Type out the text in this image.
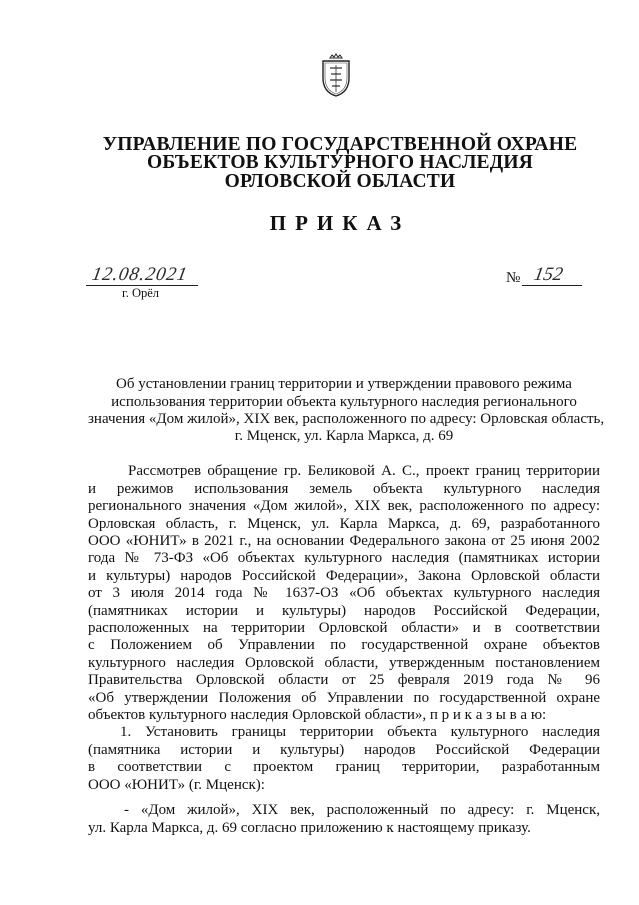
УПРАВЛЕНИЕ ПО ГОСУДАРСТВЕННОЙ ОХРАНЕ
ОБЪЕКТОВ КУЛЬТУРНОГО НАСЛЕДИЯ
ОРЛОВСКОЙ ОБЛАСТИ
ПРИКАЗ
12.08.2021
г. Орёл
№ 152
Об установлении границ территории и утверждении правового режима
использования территории объекта культурного наследия регионального
значения «Дом жилой», XIX век, расположенного по адресу: Орловская область,
г. Мценск, ул. Карла Маркса, д. 69
Рассмотрев обращение гр. Беликовой А. С., проект границ территории
и режимов использования земель объекта культурного наследия
регионального значения «Дом жилой», XIX век, расположенного по адресу:
Орловская область, г. Мценск, ул. Карла Маркса, д. 69, разработанного
ООО «ЮНИТ» в 2021 г., на основании Федерального закона от 25 июня 2002
года № 73-ФЗ «Об объектах культурного наследия (памятниках истории
и культуры) народов Российской Федерации», Закона Орловской области
от 3 июля 2014 года № 1637-ОЗ «Об объектах культурного наследия
(памятниках истории и культуры) народов Российской Федерации,
расположенных на территории Орловской области» и в соответствии
с Положением об Управлении по государственной охране объектов
культурного наследия Орловской области, утвержденным постановлением
Правительства Орловской области от 25 февраля 2019 года № 96
«Об утверждении Положения об Управлении по государственной охране
объектов культурного наследия Орловской области», п р и к а з ы в а ю:
1. Установить границы территории объекта культурного наследия
(памятника истории и культуры) народов Российской Федерации
в соответствии с проектом границ территории, разработанным
ООО «ЮНИТ» (г. Мценск):
- «Дом жилой», XIX век, расположенный по адресу: г. Мценск,
ул. Карла Маркса, д. 69 согласно приложению к настоящему приказу.
